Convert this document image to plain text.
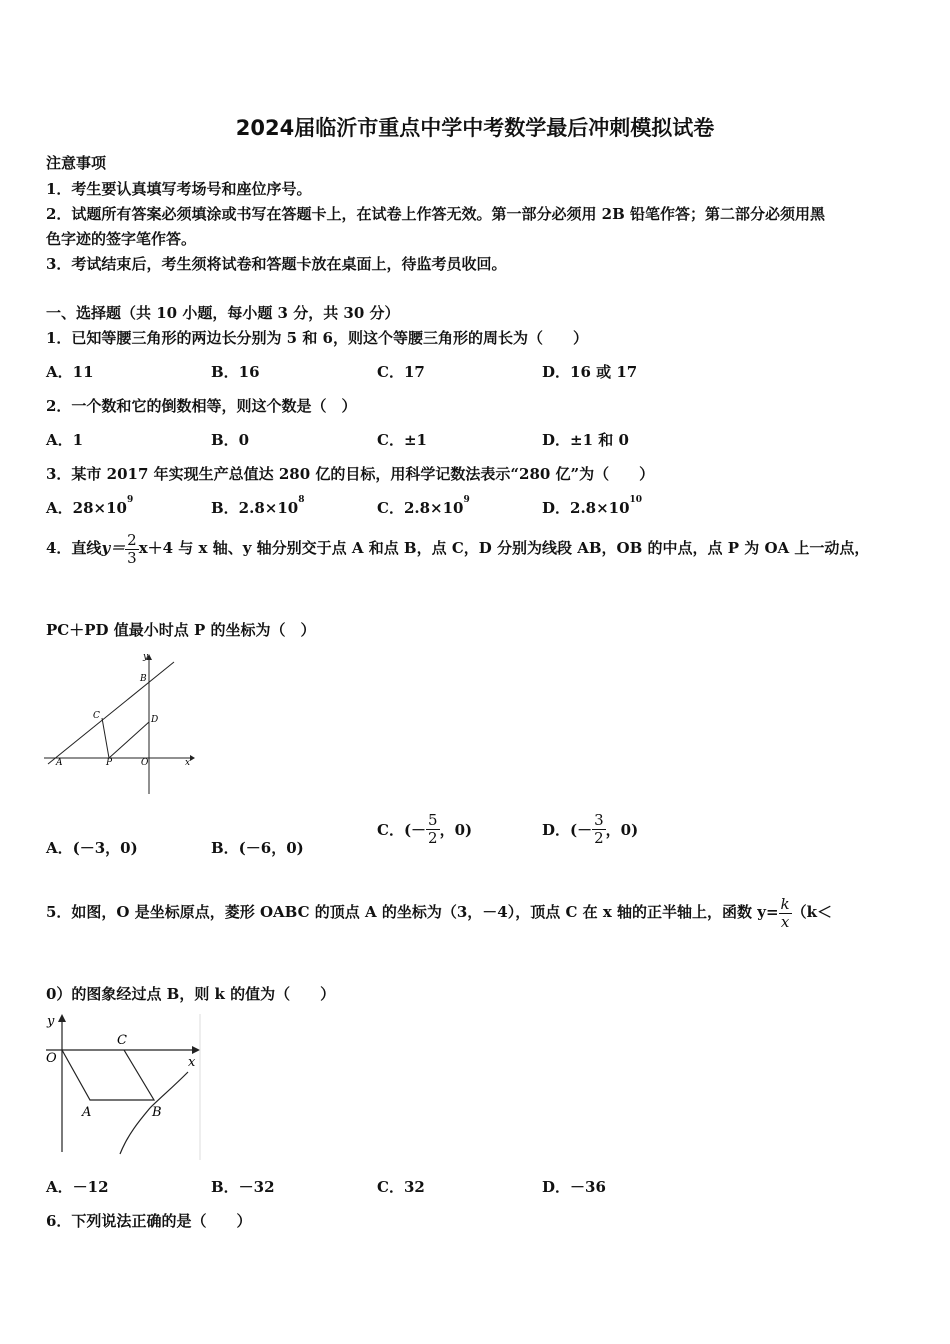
2024届临沂市重点中学中考数学最后冲刺模拟试卷
注意事项
1．考生要认真填写考场号和座位序号。
2．试题所有答案必须填涂或书写在答题卡上，在试卷上作答无效。第一部分必须用 2B 铅笔作答；第二部分必须用黑
色字迹的签字笔作答。
3．考试结束后，考生须将试卷和答题卡放在桌面上，待监考员收回。
一、选择题（共 10 小题，每小题 3 分，共 30 分）
1．已知等腰三角形的两边长分别为 5 和 6，则这个等腰三角形的周长为（　　）
A．11	B．16	C．17	D．16 或 17
2．一个数和它的倒数相等，则这个数是（　）
A．1	B．0	C．±1	D．±1 和 0
3．某市 2017 年实现生产总值达 280 亿的目标，用科学记数法表示“280 亿”为（　　）
A．$28\times 10^9$	B．$2.8\times 10^8$	C．$2.8\times 10^9$	D．$2.8\times 10^{10}$
4．直线$y= \frac{2}{3} x+4$ 与 x 轴、y 轴分别交于点 A 和点 B，点 C，D 分别为线段 AB，OB 的中点，点 P 为 OA 上一动点，
PC＋PD 值最小时点 P 的坐标为（　）
y
B
C	D
A	P	O	x
A．(－3，0)	B．(－6，0)
C．(－ $\frac{5}{2}$ ，0)	D．(－ $\frac{3}{2}$ ，0)
5．如图，O 是坐标原点，菱形 OABC 的顶点 A 的坐标为（3，－4），顶点 C 在 x 轴的正半轴上，函数 $y= \frac{k}{x} (k<$
0）的图象经过点 B，则 k 的值为（　　）
y
O
C
x
A	B
A．－12	B．－32	C．32	D．－36
6．下列说法正确的是（　　）
